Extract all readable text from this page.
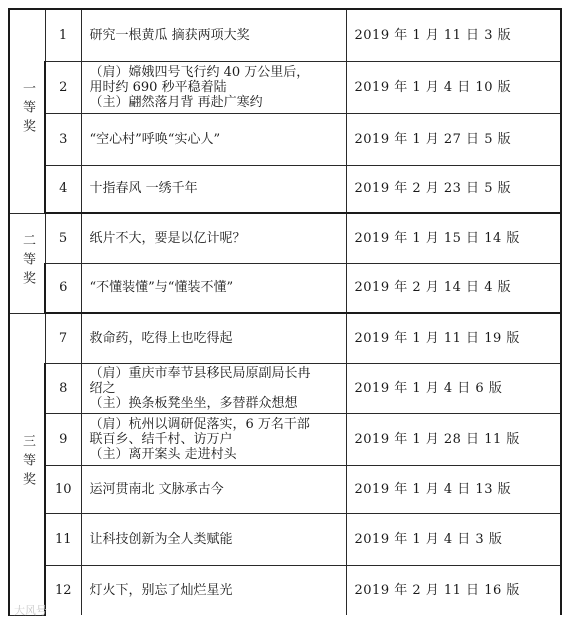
一等奖	1	研究一根黄瓜 摘获两项大奖	2019 年 1 月 11 日 3 版
	2	（肩）嫦娥四号飞行约 40 万公里后，
用时约 690 秒平稳着陆
（主）翩然落月背 再赴广寒约	2019 年 1 月 4 日 10 版
	3	“空心村”呼唤“实心人”	2019 年 1 月 27 日 5 版
	4	十指春风 一绣千年	2019 年 2 月 23 日 5 版
二等奖	5	纸片不大，要是以亿计呢？	2019 年 1 月 15 日 14 版
	6	“不懂装懂”与“懂装不懂”	2019 年 2 月 14 日 4 版
三等奖	7	救命药，吃得上也吃得起	2019 年 1 月 11 日 19 版
	8	（肩）重庆市奉节县移民局原副局长冉
绍之
（主）换条板凳坐坐，多替群众想想	2019 年 1 月 4 日 6 版
	9	（肩）杭州以调研促落实，6 万名干部
联百乡、结千村、访万户
（主）离开案头 走进村头	2019 年 1 月 28 日 11 版
	10	运河贯南北 文脉承古今	2019 年 1 月 4 日 13 版
	11	让科技创新为全人类赋能	2019 年 1 月 4 日 3 版
	12	灯火下，别忘了灿烂星光	2019 年 2 月 11 日 16 版
大风号
